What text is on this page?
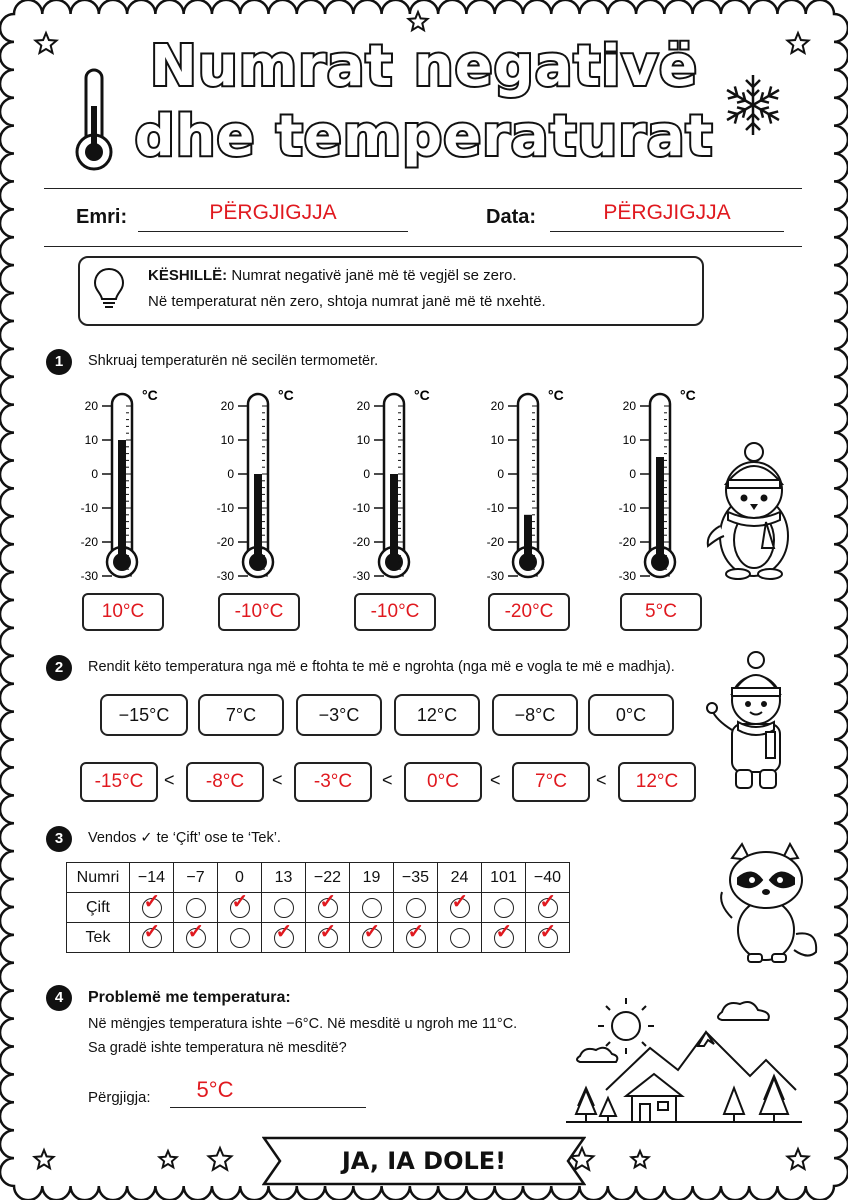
Numrat negativë
dhe temperaturat
Emri:	PËRGJIGJJA	Data:	PËRGJIGJJA
KËSHILLË: Numrat negativë janë më të vegjël se zero.
Në temperaturat nën zero, shtoja numrat janë më të nxehtë.
1	Shkruaj temperaturën në secilën termometër.
20
10
0
-10
-20
-30
°C
10°C
20
10
0
-10
-20
-30
°C
-10°C
20
10
0
-10
-20
-30
°C
-10°C
20
10
0
-10
-20
-30
°C
-20°C
20
10
0
-10
-20
-30
°C
5°C
2	Rendit këto temperatura nga më e ftohta te më e ngrohta (nga më e vogla te më e madhja).
−15°C	7°C	−3°C	12°C	−8°C	0°C
-15°C	<	-8°C	<	-3°C	<	0°C	<	7°C	<	12°C
3	Vendos ✓ te ‘Çift’ ose te ‘Tek’.
Numri	−14	−7	0	13	−22	19	−35	24	101	−40
Çift	✓		✓		✓			✓		✓

Tek	✓	✓		✓	✓	✓	✓		✓	✓
4	Problemë me temperatura:
Në mëngjes temperatura ishte −6°C. Në mesditë u ngroh me 11°C.
Sa gradë ishte temperatura në mesditë?
Përgjigja:	5°C
JA, IA DOLE!
